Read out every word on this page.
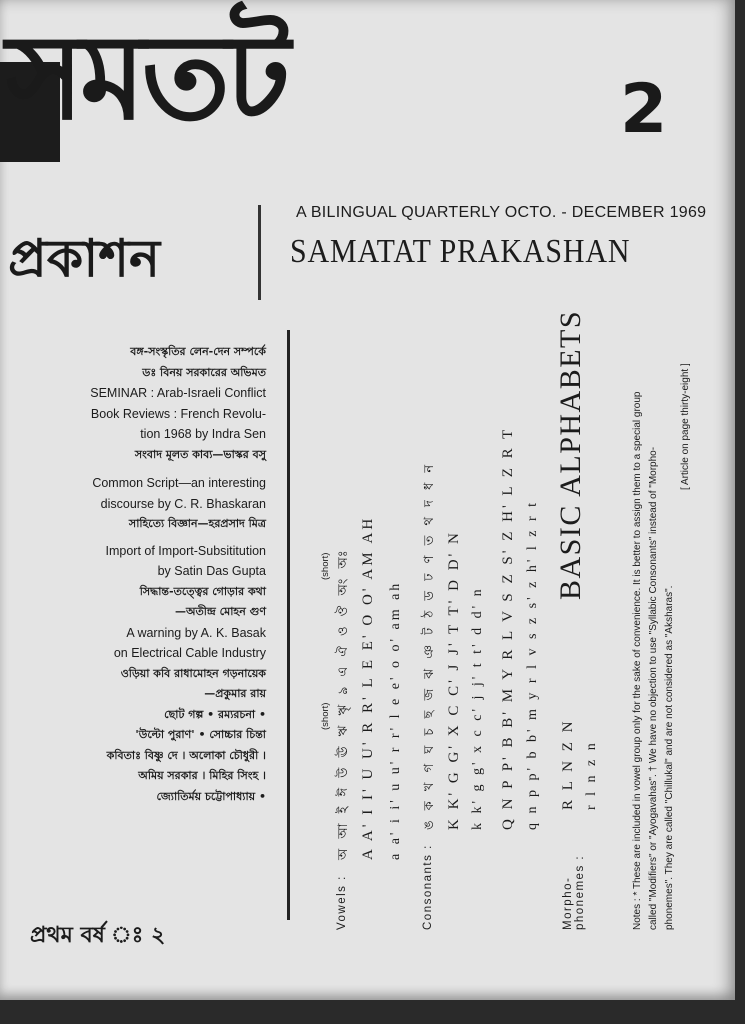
সমতট	2
প্রকাশন
A BILINGUAL QUARTERLY OCTO. - DECEMBER 1969
SAMATAT PRAKASHAN
বঙ্গ-সংস্কৃতির লেন-দেন সম্পর্কে
ডঃ বিনয় সরকারের অভিমত
SEMINAR : Arab-Israeli Conflict
Book Reviews : French Revolu-
tion 1968 by Indra Sen
সংবাদ মূলত কাব্য—ভাস্কর বসু
Common Script—an interesting
discourse by C. R. Bhaskaran
সাহিত্যে বিজ্ঞান—হরপ্রসাদ মিত্র
Import of Import-Subsititution
by Satin Das Gupta
সিদ্ধান্ত-তত্ত্বের গোড়ার কথা
—অতীন্দ্র মোহন গুণ
A warning by A. K. Basak
on Electrical Cable Industry
ওড়িয়া কবি রাধামোহন গড়নায়েক
—প্রকুমার রায়
ছোট গল্প • রম্যরচনা •
'উল্টো পুরাণ' • সোচ্চার চিন্তা
কবিতাঃ বিষ্ণু দে । অলোকা চৌধুরী ।
অমিয় সরকার । মিহির সিংহ ।
জ্যোতির্ময় চট্টোপাধ্যায় •
প্রথম বর্ষ ঃ ২
(short)
(short)
Vowels :
অ আ ই ঈ উ ঊ ঋ ৠ ঌ এ ঐ ও ঔ অং অঃ A A' I I' U U' R R' L E E' O O' AM AH a a' i i' u u' r r' l e e' o o' am ah
Consonants :
ঙ ক খ গ ঘ চ ছ জ ঝ ঞ ট ঠ ড ঢ ণ ত থ দ ধ ন K K' G G' X C C' J J' T T' D D' N k k' g g' x c c' j j' t t' d d' n Q N P P' B B' M Y R L V S Z S' Z H' L Z R T q n p p' b b' m y r l v s z s' z h' l z r t
Morpho- phonemes :
R L N Z N r l n z n
BASIC ALPHABETS	Notes : * These are included in vowel group only for the sake of convenience. It is better to assign them to a special group called "Modifiers" or "Ayogavahas". † We have no objection to use "Syllabic Consonants" instead of "Morpho- phonemes". They are called "Chillukal" and are not considered as "Aksharas".
[ Article on page thirty-eight ]
